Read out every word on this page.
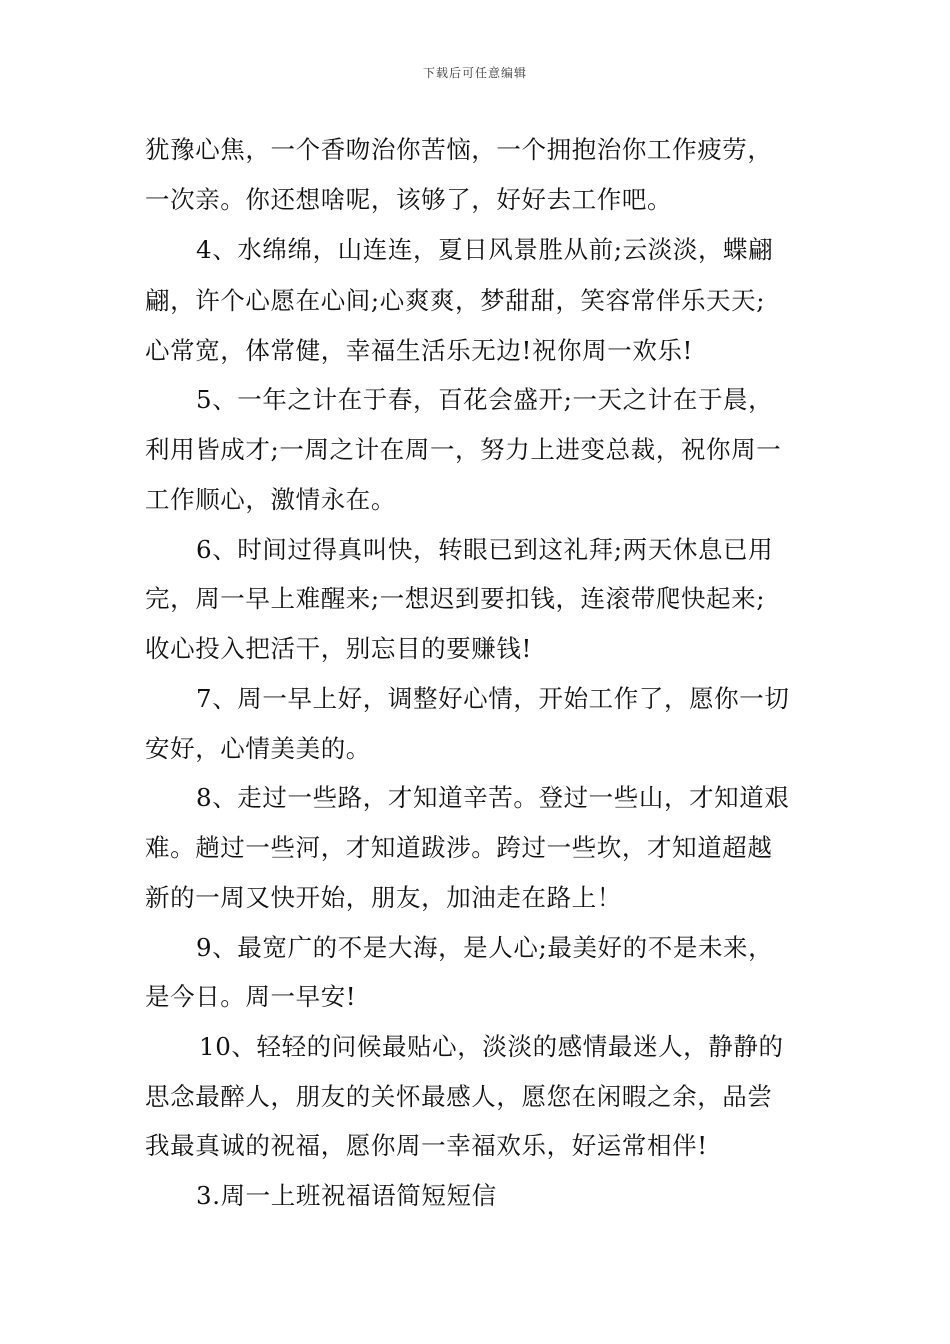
下载后可任意编辑
犹豫心焦，一个香吻治你苦恼，一个拥抱治你工作疲劳，
一次亲。你还想啥呢，该够了，好好去工作吧。
4、水绵绵，山连连，夏日风景胜从前;云淡淡，蝶翩
翩，许个心愿在心间;心爽爽，梦甜甜，笑容常伴乐天天;
心常宽，体常健，幸福生活乐无边!祝你周一欢乐!
5、一年之计在于春，百花会盛开;一天之计在于晨，
利用皆成才;一周之计在周一，努力上进变总裁，祝你周一
工作顺心，激情永在。
6、时间过得真叫快，转眼已到这礼拜;两天休息已用
完，周一早上难醒来;一想迟到要扣钱，连滚带爬快起来;
收心投入把活干，别忘目的要赚钱!
7、周一早上好，调整好心情，开始工作了，愿你一切
安好，心情美美的。
8、走过一些路，才知道辛苦。登过一些山，才知道艰
难。趟过一些河，才知道跋涉。跨过一些坎，才知道超越
新的一周又快开始，朋友，加油走在路上！
9、最宽广的不是大海，是人心;最美好的不是未来，
是今日。周一早安!
10、轻轻的问候最贴心，淡淡的感情最迷人，静静的
思念最醉人，朋友的关怀最感人，愿您在闲暇之余，品尝
我最真诚的祝福，愿你周一幸福欢乐，好运常相伴!
3.周一上班祝福语简短短信
